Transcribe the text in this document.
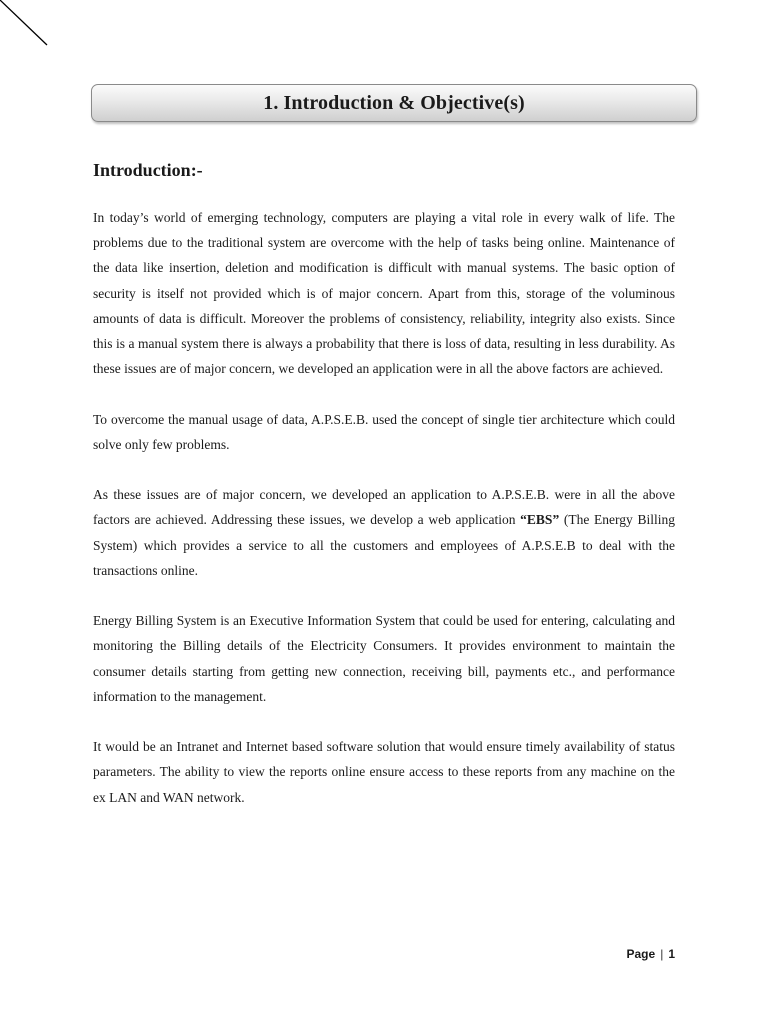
1. Introduction & Objective(s)
Introduction:-

In today’s world of emerging technology, computers are playing a vital role in every walk of life. The problems due to the traditional system are overcome with the help of tasks being online. Maintenance of the data like insertion, deletion and modification is difficult with manual systems. The basic option of security is itself not provided which is of major concern. Apart from this, storage of the voluminous amounts of data is difficult. Moreover the problems of consistency, reliability, integrity also exists. Since this is a manual system there is always a probability that there is loss of data, resulting in less durability. As these issues are of major concern, we developed an application were in all the above factors are achieved.

To overcome the manual usage of data, A.P.S.E.B. used the concept of single tier architecture which could solve only few problems.

As these issues are of major concern, we developed an application to A.P.S.E.B. were in all the above factors are achieved. Addressing these issues, we develop a web application “EBS” (The Energy Billing System) which provides a service to all the customers and employees of A.P.S.E.B to deal with the transactions online.

Energy Billing System is an Executive Information System that could be used for entering, calculating and monitoring the Billing details of the Electricity Consumers. It provides environment to maintain the consumer details starting from getting new connection, receiving bill, payments etc., and performance information to the management.

It would be an Intranet and Internet based software solution that would ensure timely availability of status parameters. The ability to view the reports online ensure access to these reports from any machine on the ex LAN and WAN network.

Page | 1
